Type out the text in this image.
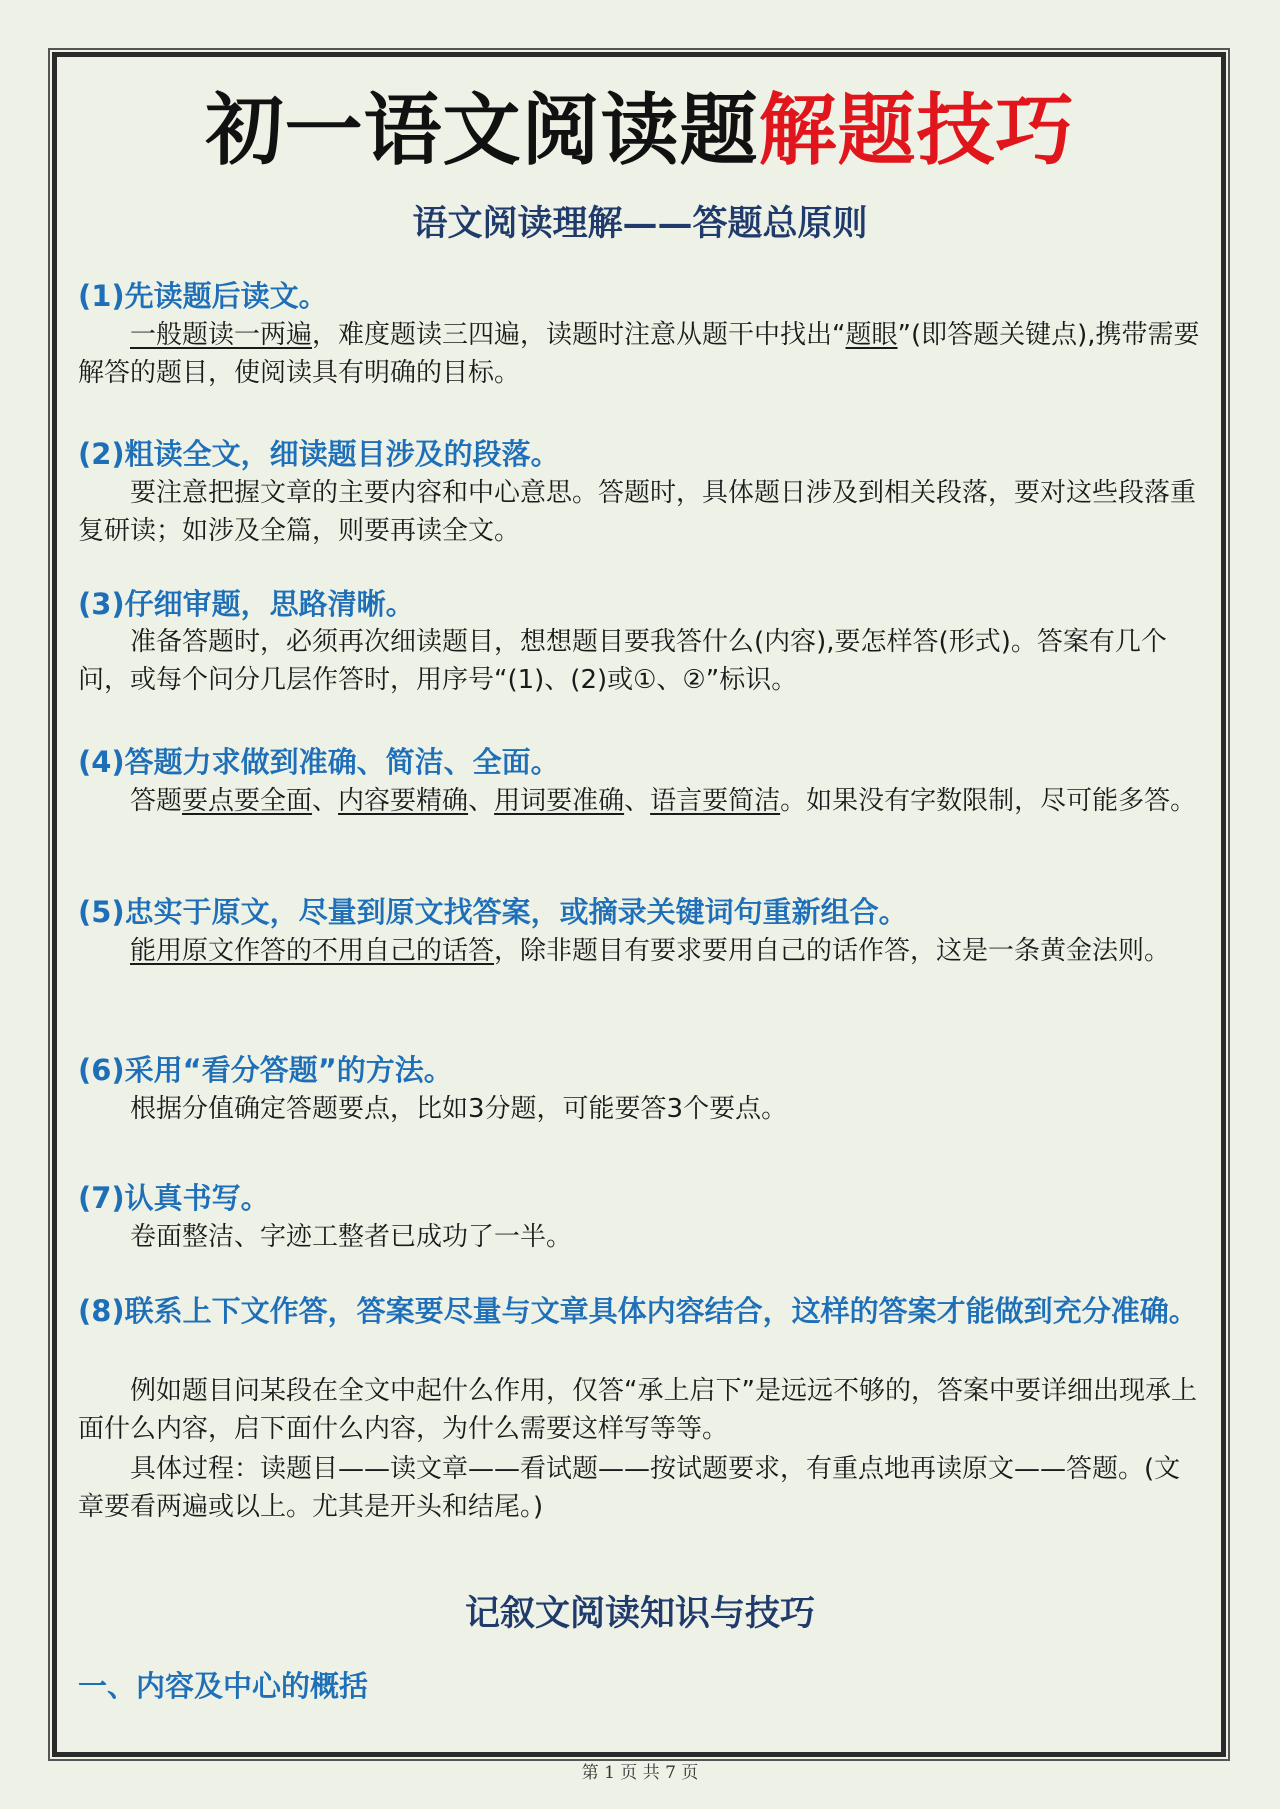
初一语文阅读题解题技巧
语文阅读理解——答题总原则
(1)先读题后读文。
一般题读一两遍，难度题读三四遍，读题时注意从题干中找出“题眼”(即答题关键点),携带需要解答的题目，使阅读具有明确的目标。
(2)粗读全文，细读题目涉及的段落。
要注意把握文章的主要内容和中心意思。答题时，具体题日涉及到相关段落，要对这些段落重复研读；如涉及全篇，则要再读全文。
(3)仔细审题，思路清晰。
准备答题时，必须再次细读题目，想想题目要我答什么(内容),要怎样答(形式)。答案有几个问，或每个问分几层作答时，用序号“(1)、(2)或①、②”标识。
(4)答题力求做到准确、简洁、全面。
答题要点要全面、内容要精确、用词要准确、语言要简洁。如果没有字数限制，尽可能多答。
(5)忠实于原文，尽量到原文找答案，或摘录关键词句重新组合。
能用原文作答的不用自己的话答，除非题目有要求要用自己的话作答，这是一条黄金法则。
(6)采用“看分答题”的方法。
根据分值确定答题要点，比如3分题，可能要答3个要点。
(7)认真书写。
卷面整洁、字迹工整者已成功了一半。
(8)联系上下文作答，答案要尽量与文章具体内容结合，这样的答案才能做到充分准确。
例如题目问某段在全文中起什么作用，仅答“承上启下”是远远不够的，答案中要详细出现承上面什么内容，启下面什么内容，为什么需要这样写等等。
具体过程：读题目——读文章——看试题——按试题要求，有重点地再读原文——答题。(文章要看两遍或以上。尤其是开头和结尾。)
记叙文阅读知识与技巧
一、内容及中心的概括
第 1 页 共 7 页
